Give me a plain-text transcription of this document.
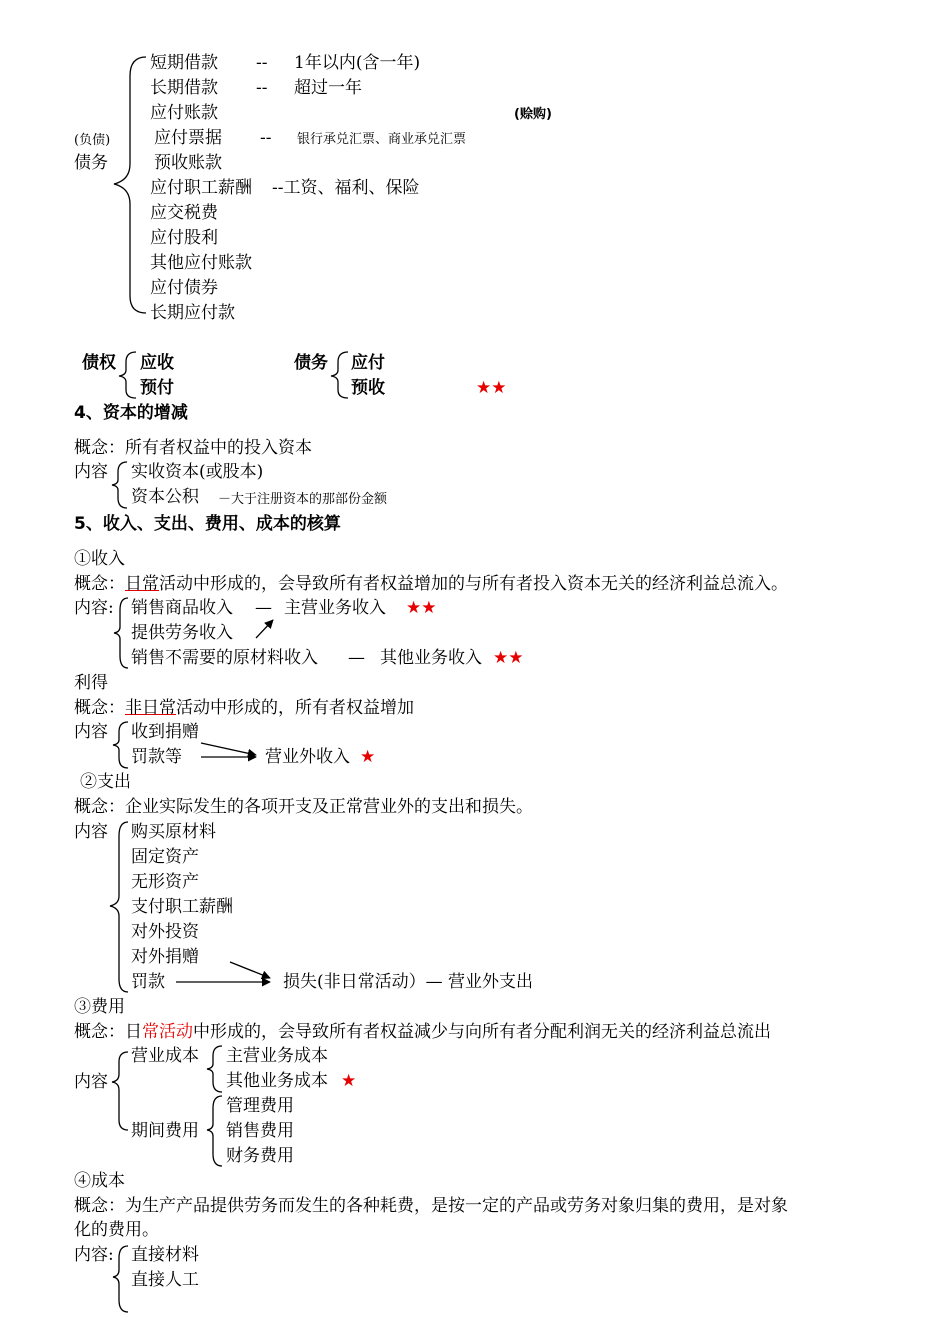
短期借款 -- 1年以内(含一年)
长期借款 -- 超过一年
应付账款	(赊购)
(负债)	应付票据 -- 银行承兑汇票、商业承兑汇票
债务	预收账款
应付职工薪酬 --工资、福利、保险
应交税费
应付股利
其他应付账款
应付债券
长期应付款
债权 应收
预付
债务 应付
预收	★★
4、资本的增减
概念：所有者权益中的投入资本
内容 实收资本(或股本)
资本公积 －大于注册资本的那部份金额
5、收入、支出、费用、成本的核算
①收入
概念：日常活动中形成的，会导致所有者权益增加的与所有者投入资本无关的经济利益总流入。
内容: 销售商品收入 — 主营业务收入 ★★
提供劳务收入
销售不需要的原材料收入 — 其他业务收入 ★★
利得
概念：非日常活动中形成的，所有者权益增加
内容 收到捐赠
罚款等	营业外收入 ★
②支出
概念：企业实际发生的各项开支及正常营业外的支出和损失。
内容 购买原材料
固定资产
无形资产
支付职工薪酬
对外投资
对外捐赠
罚款	损失(非日常活动）— 营业外支出
③费用
概念：日常活动中形成的，会导致所有者权益减少与向所有者分配利润无关的经济利益总流出
营业成本 主营业务成本
内容	其他业务成本 ★
管理费用
期间费用 销售费用
财务费用
④成本
概念：为生产产品提供劳务而发生的各种耗费，是按一定的产品或劳务对象归集的费用，是对象
化的费用。
内容: 直接材料
直接人工
